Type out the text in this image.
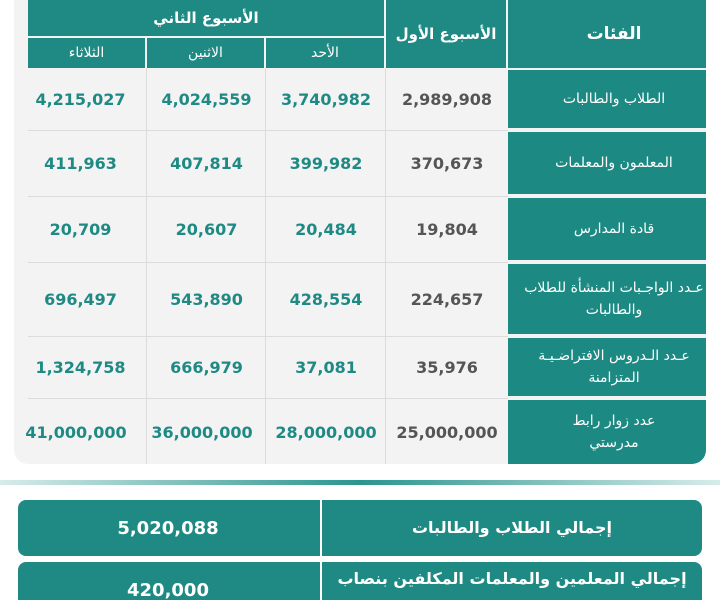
الفئات
الأسبوع الأول
الأسبوع الثاني
الأحد
الاثنين
الثلاثاء
الطلاب والطالبات
2,989,908
3,740,982
4,024,559
4,215,027
المعلمون والمعلمات
370,673
399,982
407,814
411,963
قادة المدارس
19,804
20,484
20,607
20,709
عـدد الواجـبات المنشأة للطلاب والطالبات
224,657
428,554
543,890
696,497
عـدد الـدروس الافتراضـيـة المتزامنة
35,976
37,081
666,979
1,324,758
عدد زوار رابط مدرستي
25,000,000
28,000,000
36,000,000
41,000,000
إجمالي الطلاب والطالبات
5,020,088
إجمالي المعلمين والمعلمات المكلفين بنصاب
420,000
